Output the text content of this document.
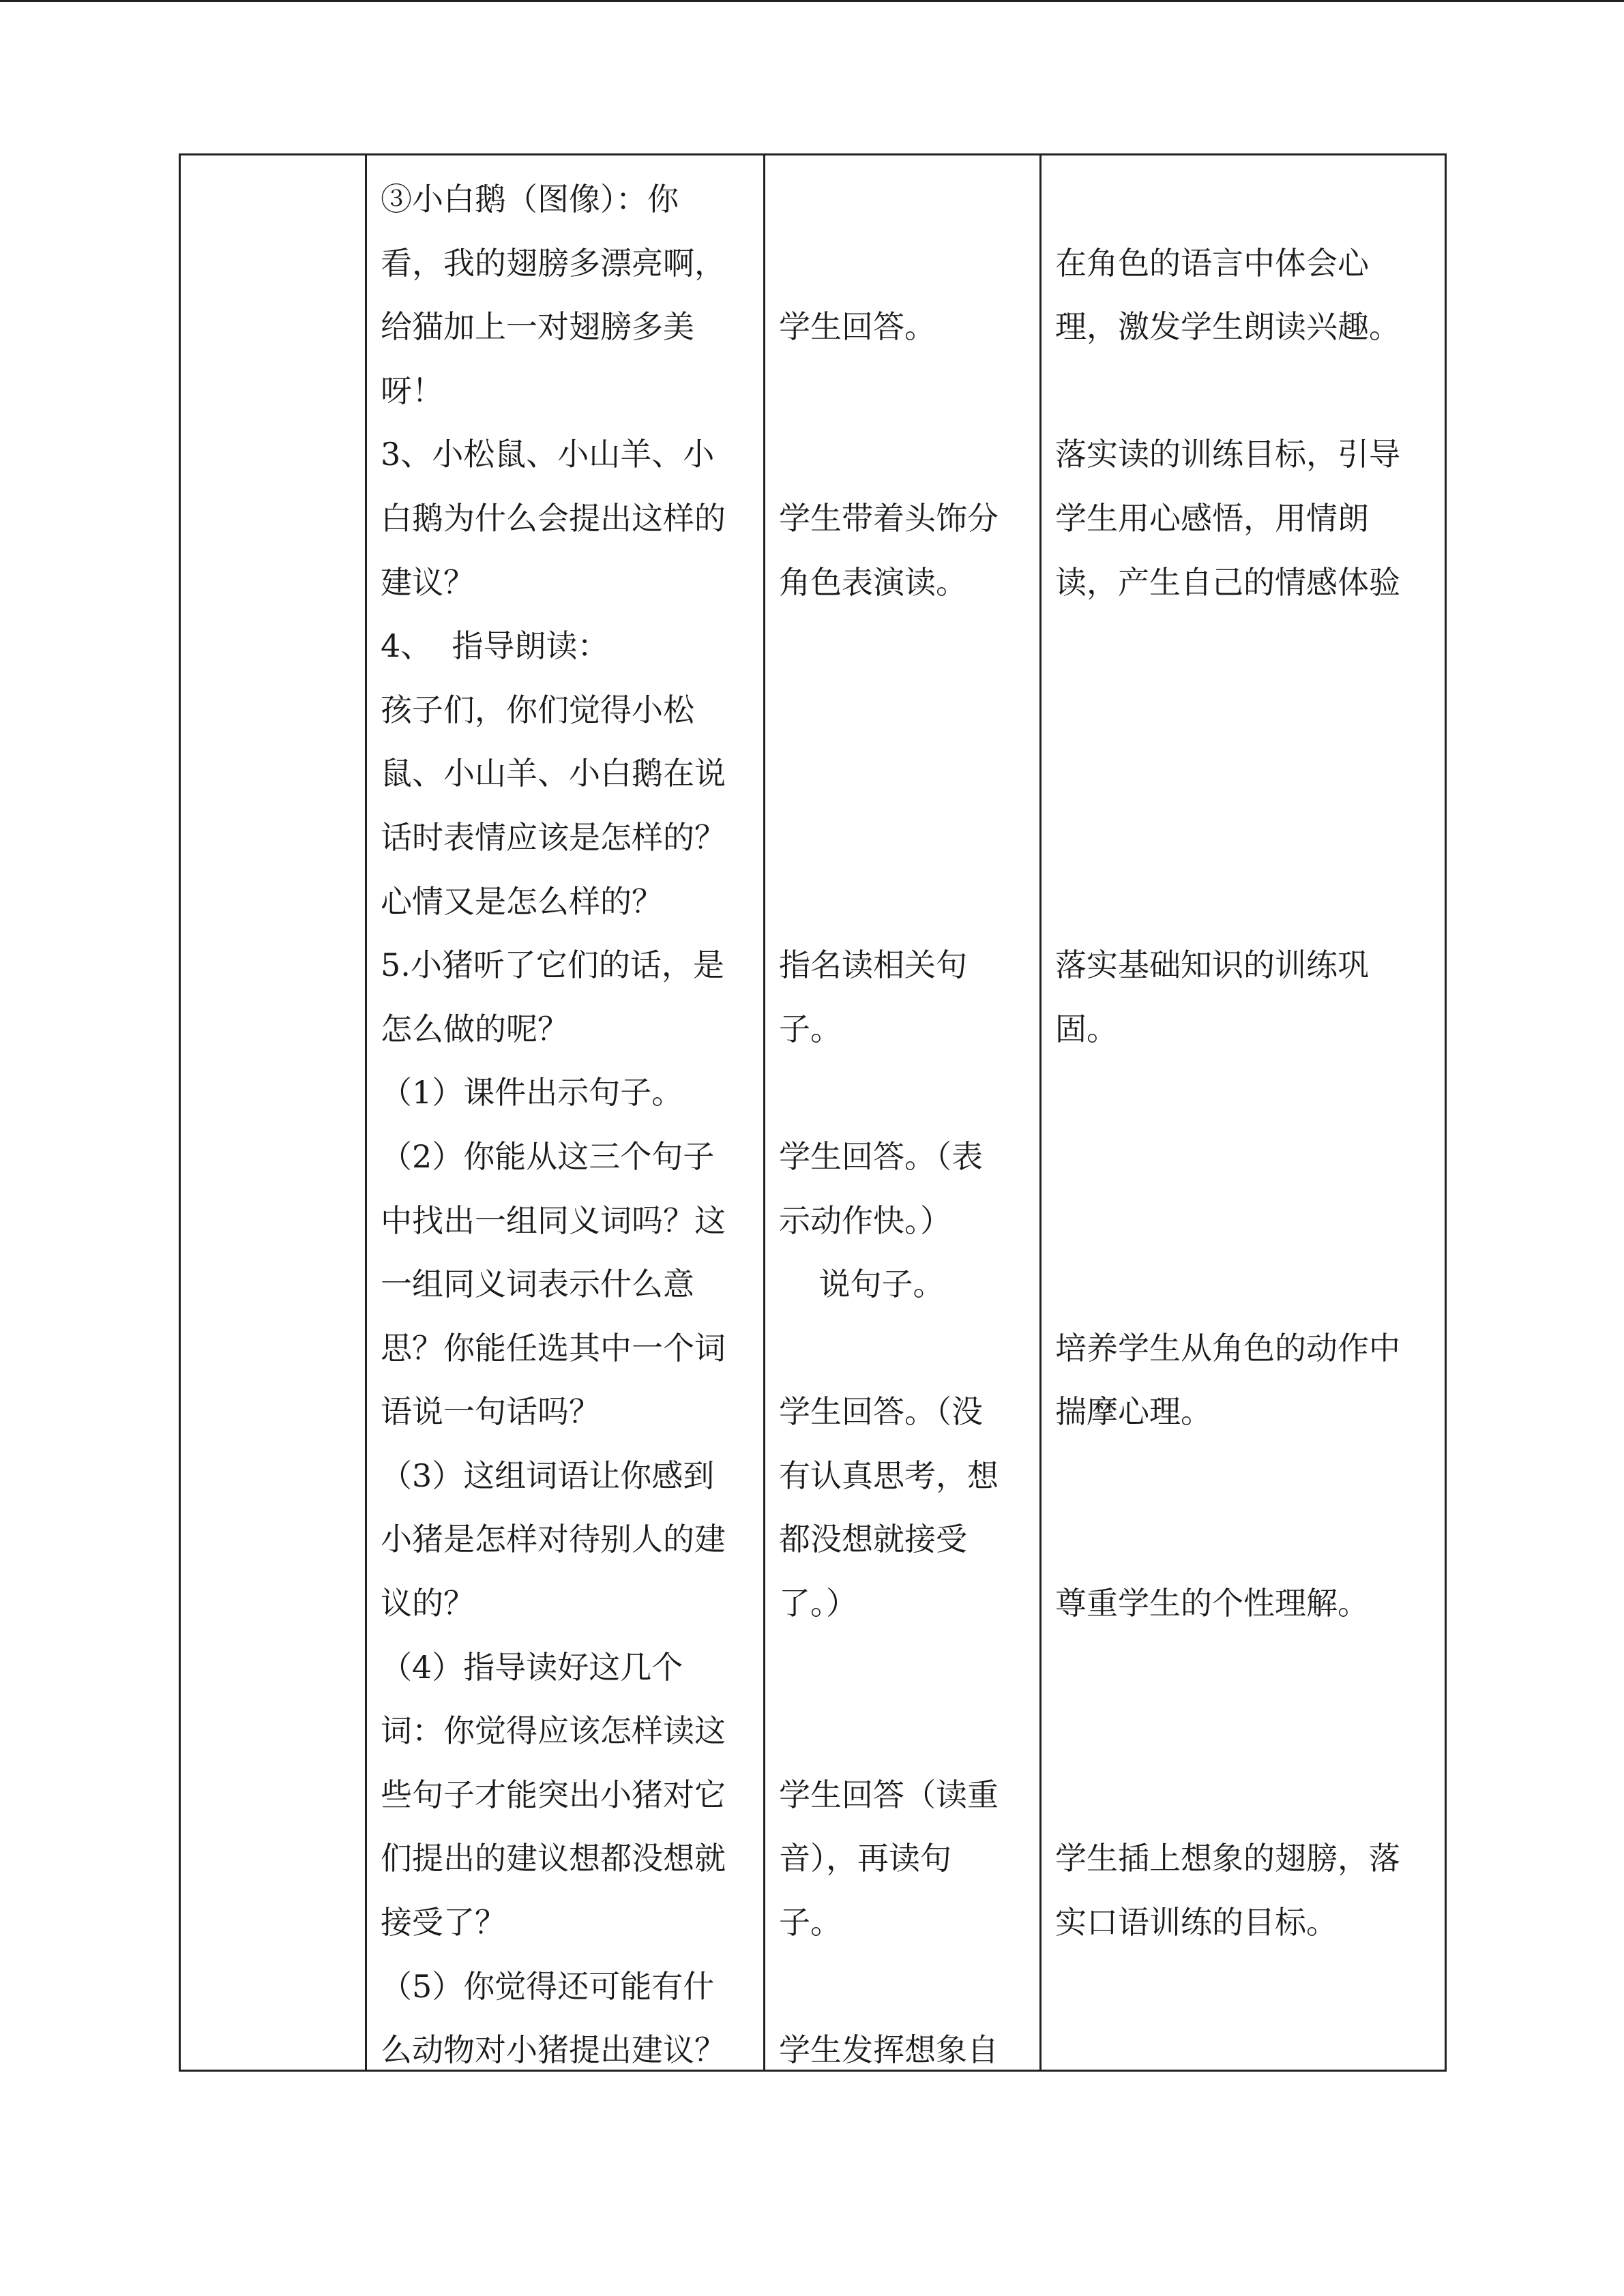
③小白鹅（图像）：你
看，我的翅膀多漂亮啊，
给猫加上一对翅膀多美
呀！
3、小松鼠、小山羊、小
白鹅为什么会提出这样的
建议？
4、  指导朗读：
孩子们，你们觉得小松
鼠、小山羊、小白鹅在说
话时表情应该是怎样的？
心情又是怎么样的？
5.小猪听了它们的话，是
怎么做的呢？
（1）课件出示句子。
（2）你能从这三个句子
中找出一组同义词吗？这
一组同义词表示什么意
思？你能任选其中一个词
语说一句话吗？
（3）这组词语让你感到
小猪是怎样对待别人的建
议的？
（4）指导读好这几个
词：你觉得应该怎样读这
些句子才能突出小猪对它
们提出的建议想都没想就
接受了？
（5）你觉得还可能有什
么动物对小猪提出建议？
学生回答。
学生带着头饰分
角色表演读。
指名读相关句
子。
学生回答。（表
示动作快。）
说句子。
学生回答。（没
有认真思考，想
都没想就接受
了。）
学生回答（读重
音），再读句
子。
学生发挥想象自
在角色的语言中体会心
理，激发学生朗读兴趣。
落实读的训练目标，引导
学生用心感悟，用情朗
读，产生自己的情感体验
落实基础知识的训练巩
固。
培养学生从角色的动作中
揣摩心理。
尊重学生的个性理解。
学生插上想象的翅膀，落
实口语训练的目标。
